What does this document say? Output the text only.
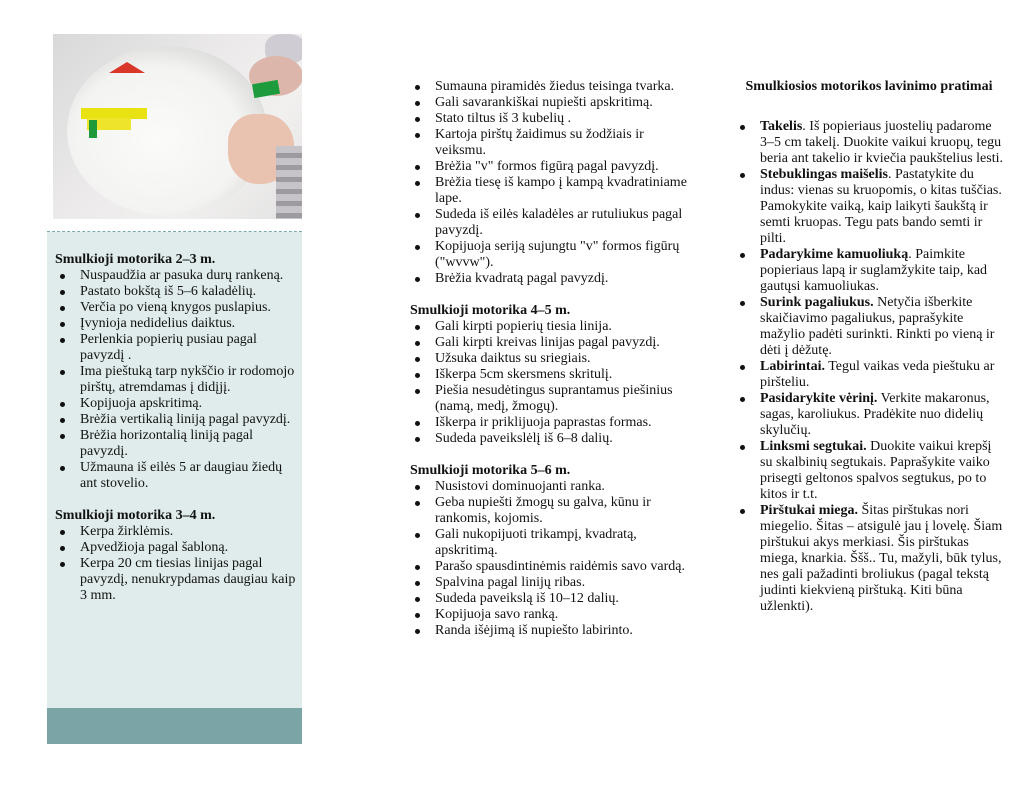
Smulkioji motorika 2–3 m.

Nuspaudžia ar pasuka durų rankeną.
Pastato bokštą iš 5–6 kaladėlių.
Verčia po vieną knygos puslapius.
Įvynioja nedidelius daiktus.
Perlenkia popierių pusiau pagal pavyzdį .
Ima pieštuką tarp nykščio ir rodomojo pirštų, atremdamas į didįjį.
Kopijuoja apskritimą.
Brėžia vertikalią liniją pagal pavyzdį.
Brėžia horizontalią liniją pagal pavyzdį.
Užmauna iš eilės 5 ar daugiau žiedų ant stovelio.

Smulkioji motorika 3–4 m.

Kerpa žirklėmis.
Apvedžioja pagal šabloną.
Kerpa 20 cm tiesias linijas pagal pavyzdį, nenukrypdamas daugiau kaip 3 mm.
Sumauna piramidės žiedus teisinga tvarka.
Gali savarankiškai nupiešti apskritimą.
Stato tiltus iš 3 kubelių .
Kartoja pirštų žaidimus su žodžiais ir veiksmu.
Brėžia "v" formos figūrą pagal pavyzdį.
Brėžia tiesę iš kampo į kampą kvadratiniame lape.
Sudeda iš eilės kaladėles ar rutuliukus pagal pavyzdį.
Kopijuoja seriją sujungtu "v" formos figūrų ("wvvw").
Brėžia kvadratą pagal pavyzdį.

Smulkioji motorika 4–5 m.

Gali kirpti popierių tiesia linija.
Gali kirpti kreivas linijas pagal pavyzdį.
Užsuka daiktus su sriegiais.
Iškerpa 5cm skersmens skritulį.
Piešia nesudėtingus suprantamus piešinius (namą, medį, žmogų).
Iškerpa ir priklijuoja paprastas formas.
Sudeda paveikslėlį iš 6–8 dalių.

Smulkioji motorika 5–6 m.

Nusistovi dominuojanti ranka.
Geba nupiešti žmogų su galva, kūnu ir rankomis, kojomis.
Gali nukopijuoti trikampį, kvadratą, apskritimą.
Parašo spausdintinėmis raidėmis savo vardą.
Spalvina pagal linijų ribas.
Sudeda paveikslą iš 10–12 dalių.
Kopijuoja savo ranką.
Randa išėjimą iš nupiešto labirinto.

Smulkiosios motorikos lavinimo pratimai

Takelis. Iš popieriaus juostelių padarome 3–5 cm takelį. Duokite vaikui kruopų, tegu beria ant takelio ir kviečia paukštelius lesti.
Stebuklingas maišelis. Pastatykite du indus: vienas su kruopomis, o kitas tuščias. Pamokykite vaiką, kaip laikyti šaukštą ir semti kruopas. Tegu pats bando semti ir pilti.
Padarykime kamuoliuką. Paimkite popieriaus lapą ir suglamžykite taip, kad gautųsi kamuoliukas.
Surink pagaliukus. Netyčia išberkite skaičiavimo pagaliukus, paprašykite mažylio padėti surinkti. Rinkti po vieną ir dėti į dėžutę.
Labirintai. Tegul vaikas veda pieštuku ar piršteliu.
Pasidarykite vėrinį. Verkite makaronus, sagas, karoliukus. Pradėkite nuo didelių skylučių.
Linksmi segtukai. Duokite vaikui krepšį su skalbinių segtukais. Paprašykite vaiko prisegti geltonos spalvos segtukus, po to kitos ir t.t.
Pirštukai miega. Šitas pirštukas nori miegelio. Šitas – atsigulė jau į lovelę. Šiam pirštukui akys merkiasi. Šis pirštukas miega, knarkia. Ššš.. Tu, mažyli, būk tylus, nes gali pažadinti broliukus (pagal tekstą judinti kiekvieną pirštuką. Kiti būna užlenkti).
